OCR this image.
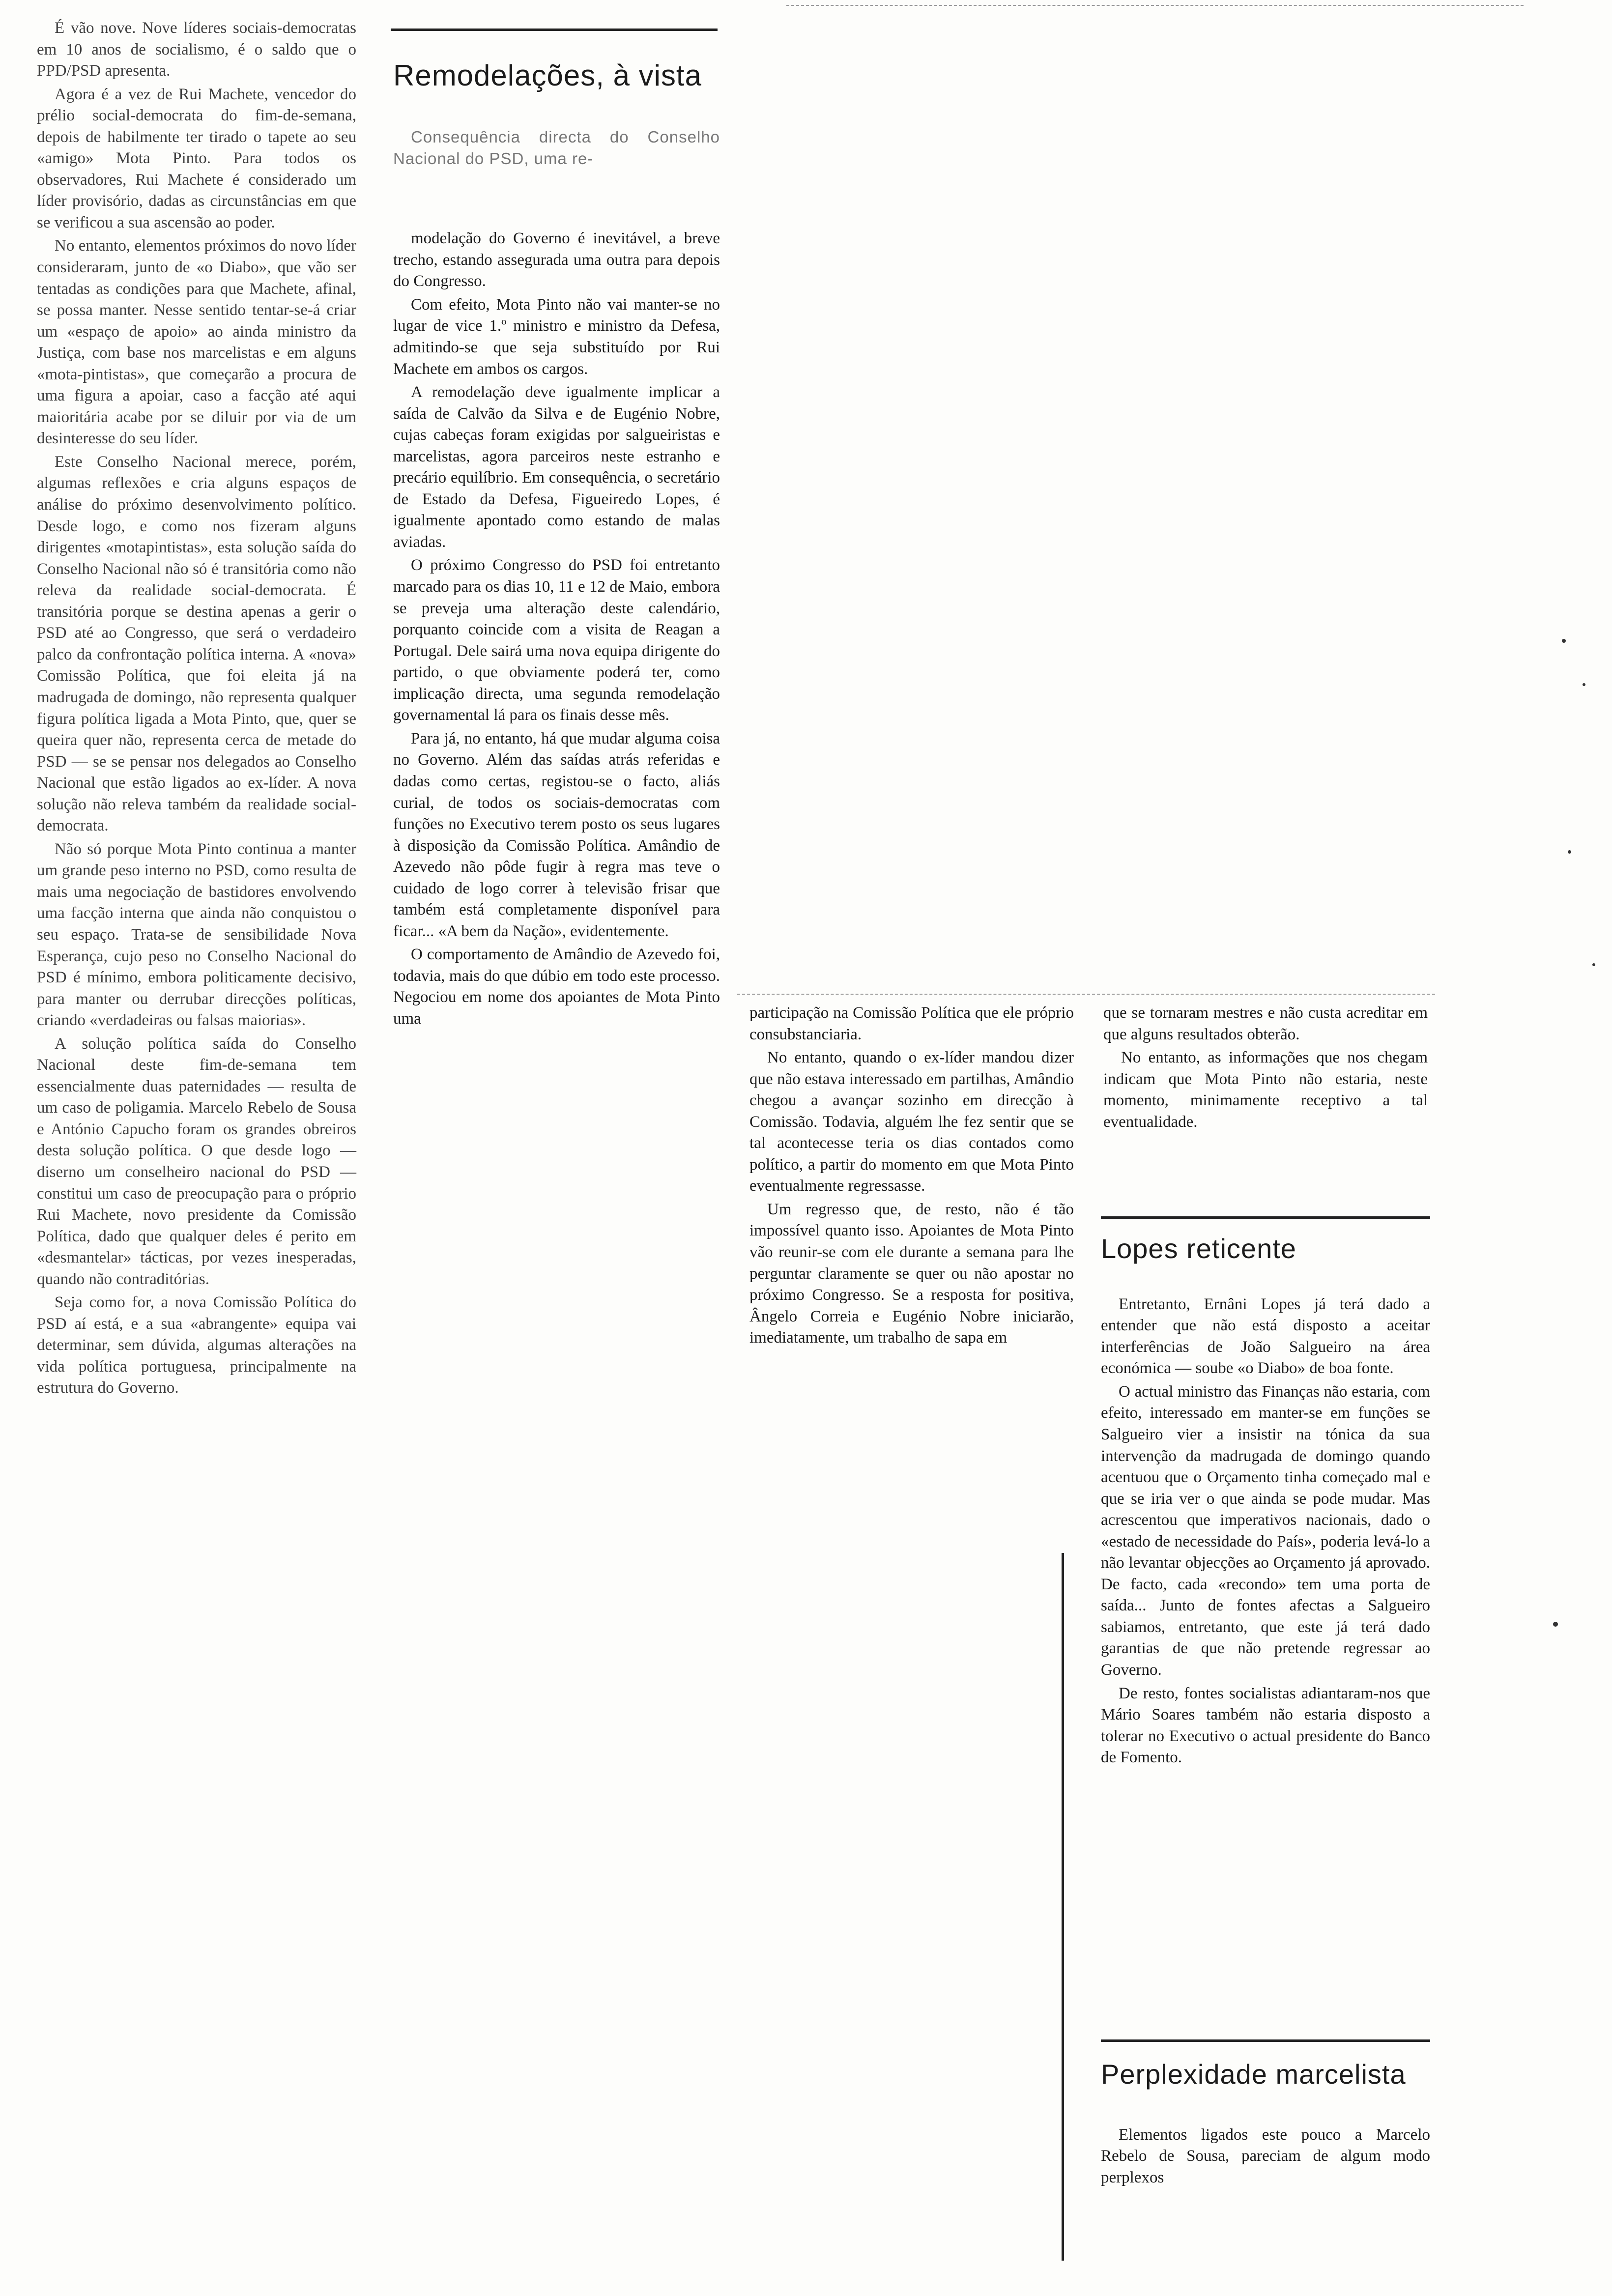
É vão nove. Nove líderes sociais-democratas em 10 anos de socialismo, é o saldo que o PPD/PSD apresenta.

Agora é a vez de Rui Machete, vencedor do prélio social-democrata do fim-de-semana, depois de habilmente ter tirado o tapete ao seu «amigo» Mota Pinto. Para todos os observadores, Rui Machete é considerado um líder provisório, dadas as circunstâncias em que se verificou a sua ascensão ao poder.

No entanto, elementos próximos do novo líder consideraram, junto de «o Diabo», que vão ser tentadas as condições para que Machete, afinal, se possa manter. Nesse sentido tentar-se-á criar um «espaço de apoio» ao ainda ministro da Justiça, com base nos marcelistas e em alguns «mota-pintistas», que começarão a procura de uma figura a apoiar, caso a facção até aqui maioritária acabe por se diluir por via de um desinteresse do seu líder.

Este Conselho Nacional merece, porém, algumas reflexões e cria alguns espaços de análise do próximo desenvolvimento político. Desde logo, e como nos fizeram alguns dirigentes «motapintistas», esta solução saída do Conselho Nacional não só é transitória como não releva da realidade social-democrata. É transitória porque se destina apenas a gerir o PSD até ao Congresso, que será o verdadeiro palco da confrontação política interna. A «nova» Comissão Política, que foi eleita já na madrugada de domingo, não representa qualquer figura política ligada a Mota Pinto, que, quer se queira quer não, representa cerca de metade do PSD — se se pensar nos delegados ao Conselho Nacional que estão ligados ao ex-líder. A nova solução não releva também da realidade social-democrata.

Não só porque Mota Pinto continua a manter um grande peso interno no PSD, como resulta de mais uma negociação de bastidores envolvendo uma facção interna que ainda não conquistou o seu espaço. Trata-se de sensibilidade Nova Esperança, cujo peso no Conselho Nacional do PSD é mínimo, embora politicamente decisivo, para manter ou derrubar direcções políticas, criando «verdadeiras ou falsas maiorias».

A solução política saída do Conselho Nacional deste fim-de-semana tem essencialmente duas paternidades — resulta de um caso de poligamia. Marcelo Rebelo de Sousa e António Capucho foram os grandes obreiros desta solução política. O que desde logo — diserno um conselheiro nacional do PSD — constitui um caso de preocupação para o próprio Rui Machete, novo presidente da Comissão Política, dado que qualquer deles é perito em «desmantelar» tácticas, por vezes inesperadas, quando não contraditórias.

Seja como for, a nova Comissão Política do PSD aí está, e a sua «abrangente» equipa vai determinar, sem dúvida, algumas alterações na vida política portuguesa, principalmente na estrutura do Governo.

Remodelações, à vista

Consequência directa do Conselho Nacional do PSD, uma re-

modelação do Governo é inevitável, a breve trecho, estando assegurada uma outra para depois do Congresso.

Com efeito, Mota Pinto não vai manter-se no lugar de vice 1.º ministro e ministro da Defesa, admitindo-se que seja substituído por Rui Machete em ambos os cargos.

A remodelação deve igualmente implicar a saída de Calvão da Silva e de Eugénio Nobre, cujas cabeças foram exigidas por salgueiristas e marcelistas, agora parceiros neste estranho e precário equilíbrio. Em consequência, o secretário de Estado da Defesa, Figueiredo Lopes, é igualmente apontado como estando de malas aviadas.

O próximo Congresso do PSD foi entretanto marcado para os dias 10, 11 e 12 de Maio, embora se preveja uma alteração deste calendário, porquanto coincide com a visita de Reagan a Portugal. Dele sairá uma nova equipa dirigente do partido, o que obviamente poderá ter, como implicação directa, uma segunda remodelação governamental lá para os finais desse mês.

Para já, no entanto, há que mudar alguma coisa no Governo. Além das saídas atrás referidas e dadas como certas, registou-se o facto, aliás curial, de todos os sociais-democratas com funções no Executivo terem posto os seus lugares à disposição da Comissão Política. Amândio de Azevedo não pôde fugir à regra mas teve o cuidado de logo correr à televisão frisar que também está completamente disponível para ficar... «A bem da Nação», evidentemente.

O comportamento de Amândio de Azevedo foi, todavia, mais do que dúbio em todo este processo. Negociou em nome dos apoiantes de Mota Pinto uma	participação na Comissão Política que ele próprio consubstanciaria.

No entanto, quando o ex-líder mandou dizer que não estava interessado em partilhas, Amândio chegou a avançar sozinho em direcção à Comissão. Todavia, alguém lhe fez sentir que se tal acontecesse teria os dias contados como político, a partir do momento em que Mota Pinto eventualmente regressasse.

Um regresso que, de resto, não é tão impossível quanto isso. Apoiantes de Mota Pinto vão reunir-se com ele durante a semana para lhe perguntar claramente se quer ou não apostar no próximo Congresso. Se a resposta for positiva, Ângelo Correia e Eugénio Nobre iniciarão, imediatamente, um trabalho de sapa em

que se tornaram mestres e não custa acreditar em que alguns resultados obterão.

No entanto, as informações que nos chegam indicam que Mota Pinto não estaria, neste momento, minimamente receptivo a tal eventualidade.

Lopes reticente

Entretanto, Ernâni Lopes já terá dado a entender que não está disposto a aceitar interferências de João Salgueiro na área económica — soube «o Diabo» de boa fonte.

O actual ministro das Finanças não estaria, com efeito, interessado em manter-se em funções se Salgueiro vier a insistir na tónica da sua intervenção da madrugada de domingo quando acentuou que o Orçamento tinha começado mal e que se iria ver o que ainda se pode mudar. Mas acrescentou que imperativos nacionais, dado o «estado de necessidade do País», poderia levá-lo a não levantar objecções ao Orçamento já aprovado. De facto, cada «recondo» tem uma porta de saída... Junto de fontes afectas a Salgueiro sabiamos, entretanto, que este já terá dado garantias de que não pretende regressar ao Governo.

De resto, fontes socialistas adiantaram-nos que Mário Soares também não estaria disposto a tolerar no Executivo o actual presidente do Banco de Fomento.

Perplexidade marcelista

Elementos ligados este pouco a Marcelo Rebelo de Sousa, pareciam de algum modo perplexos
